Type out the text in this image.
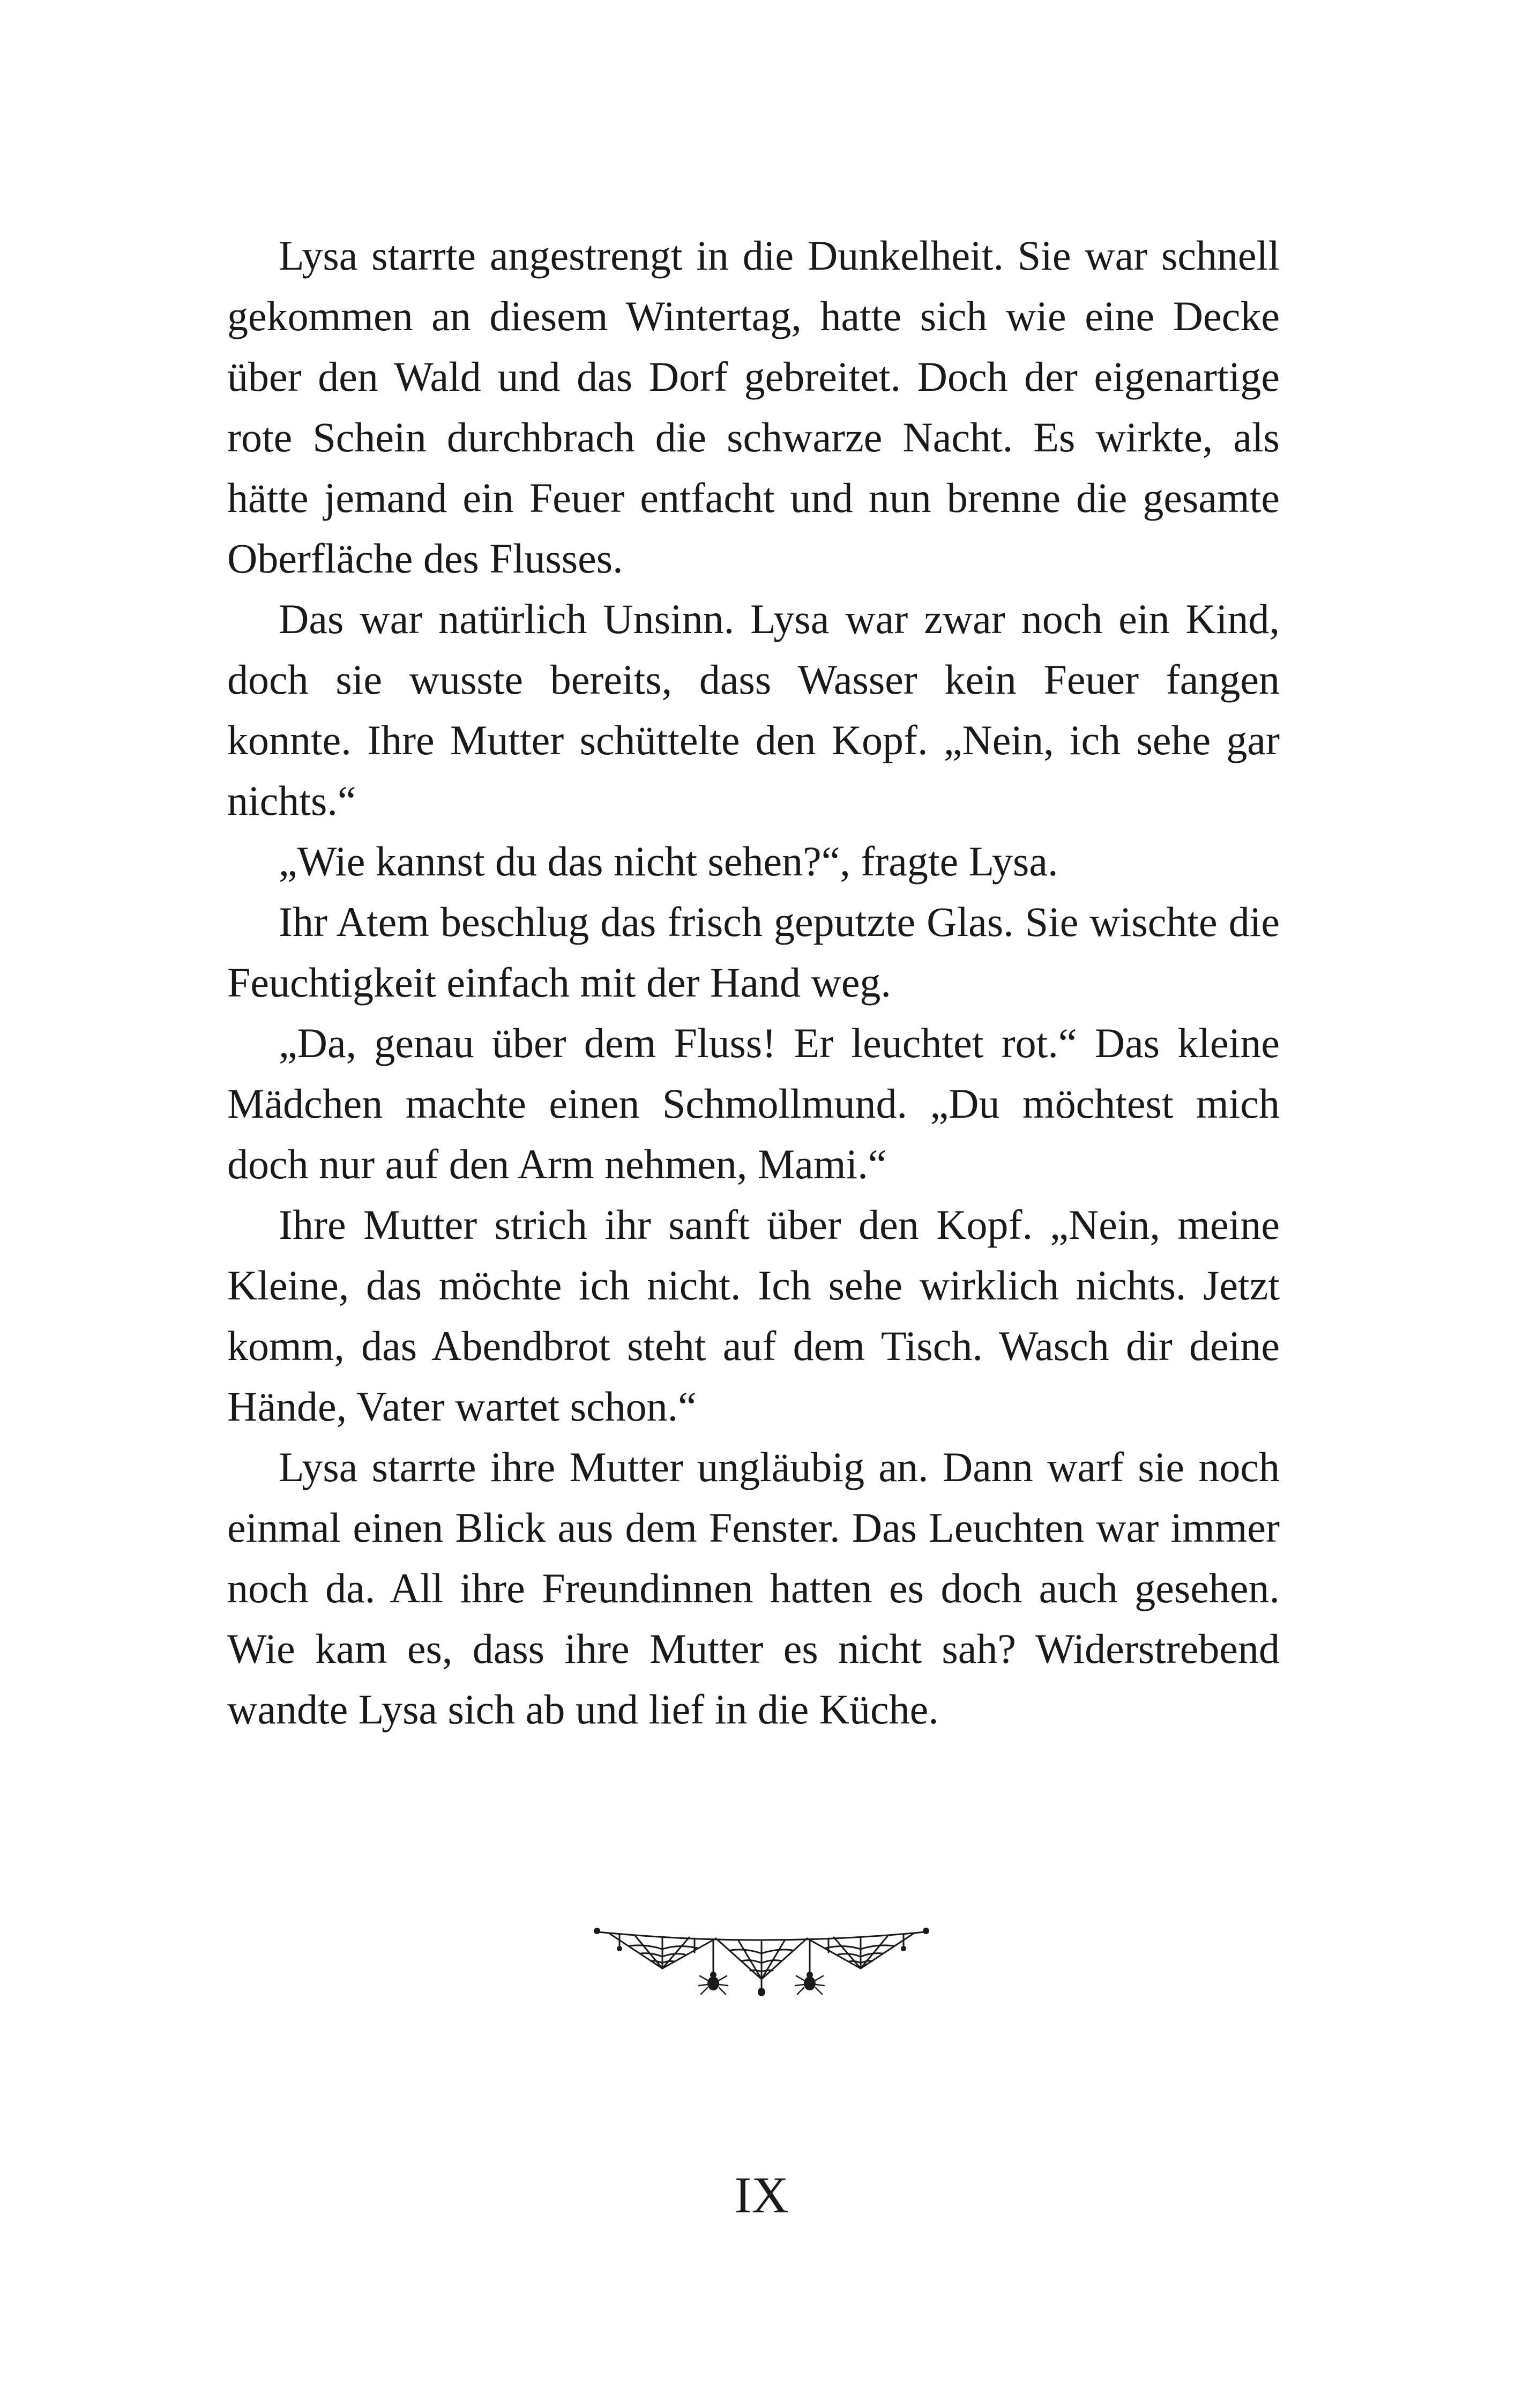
Lysa starrte angestrengt in die Dunkelheit. Sie war schnell gekommen an diesem Wintertag, hatte sich wie eine Decke über den Wald und das Dorf gebreitet. Doch der eigenartige rote Schein durchbrach die schwarze Nacht. Es wirkte, als hätte jemand ein Feuer entfacht und nun brenne die gesamte Oberfläche des Flusses.

Das war natürlich Unsinn. Lysa war zwar noch ein Kind, doch sie wusste bereits, dass Wasser kein Feuer fangen konnte. Ihre Mutter schüttelte den Kopf. „Nein, ich sehe gar nichts.“

„Wie kannst du das nicht sehen?“, fragte Lysa.

Ihr Atem beschlug das frisch geputzte Glas. Sie wischte die Feuchtigkeit einfach mit der Hand weg.

„Da, genau über dem Fluss! Er leuchtet rot.“ Das kleine Mädchen machte einen Schmollmund. „Du möchtest mich doch nur auf den Arm nehmen, Mami.“

Ihre Mutter strich ihr sanft über den Kopf. „Nein, meine Kleine, das möchte ich nicht. Ich sehe wirklich nichts. Jetzt komm, das Abendbrot steht auf dem Tisch. Wasch dir deine Hände, Vater wartet schon.“

Lysa starrte ihre Mutter ungläubig an. Dann warf sie noch einmal einen Blick aus dem Fenster. Das Leuchten war immer noch da. All ihre Freundinnen hatten es doch auch gesehen. Wie kam es, dass ihre Mutter es nicht sah? Widerstrebend wandte Lysa sich ab und lief in die Küche.

IX
